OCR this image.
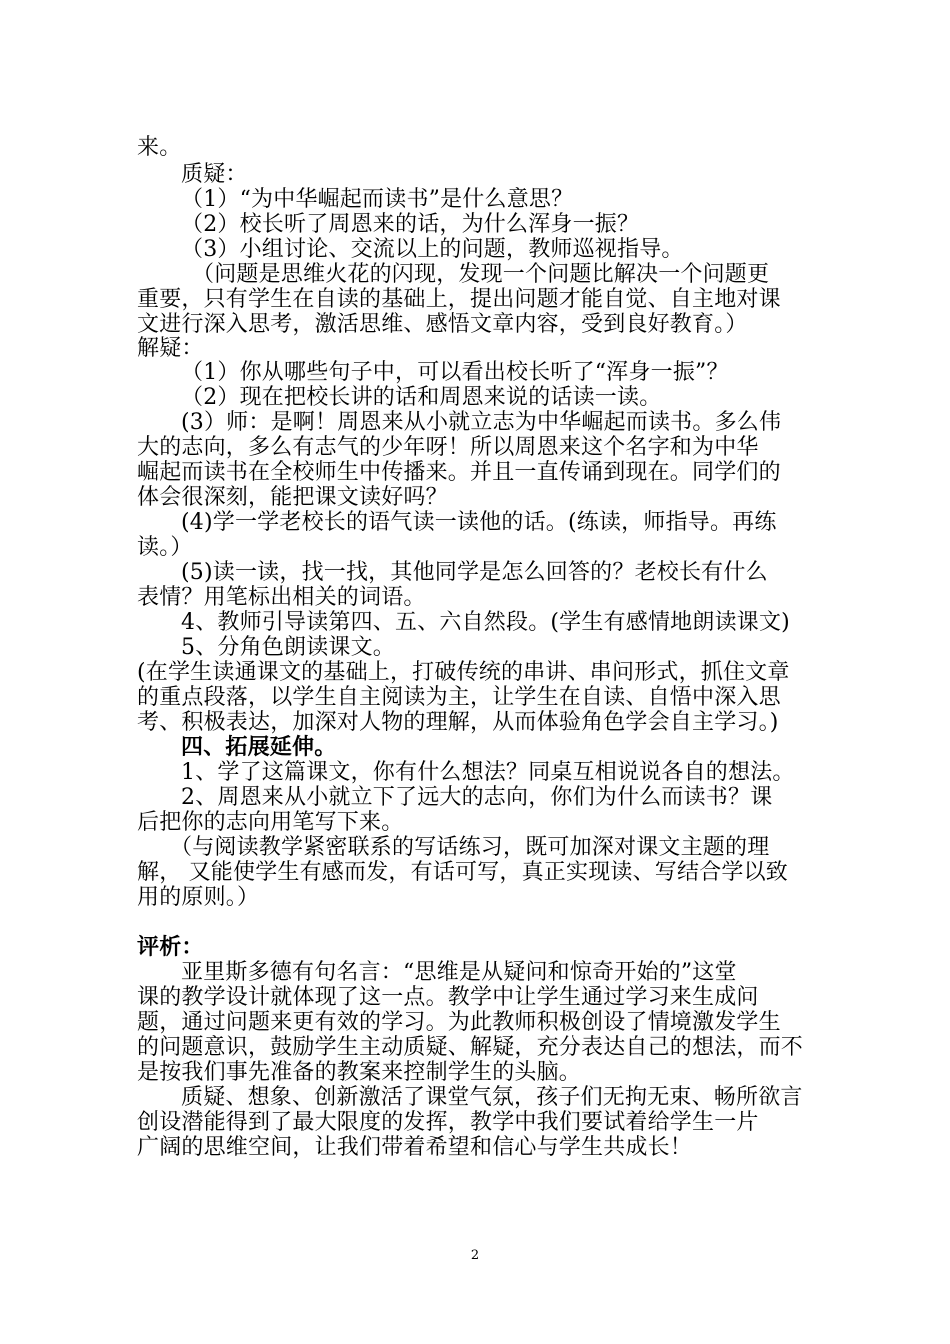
来。
质疑：
（1）“为中华崛起而读书”是什么意思？
（2）校长听了周恩来的话，为什么浑身一振？
（3）小组讨论、交流以上的问题，教师巡视指导。
（问题是思维火花的闪现，发现一个问题比解决一个问题更
重要，只有学生在自读的基础上，提出问题才能自觉、自主地对课
文进行深入思考，激活思维、感悟文章内容，受到良好教育。）
解疑：
（1）你从哪些句子中，可以看出校长听了“浑身一振”？
（2）现在把校长讲的话和周恩来说的话读一读。
(3）师：是啊！周恩来从小就立志为中华崛起而读书。多么伟
大的志向，多么有志气的少年呀！所以周恩来这个名字和为中华
崛起而读书在全校师生中传播来。并且一直传诵到现在。同学们的
体会很深刻，能把课文读好吗？
(4)学一学老校长的语气读一读他的话。(练读，师指导。再练
读。）
(5)读一读，找一找，其他同学是怎么回答的？老校长有什么
表情？用笔标出相关的词语。
4、教师引导读第四、五、六自然段。(学生有感情地朗读课文)
5、分角色朗读课文。
(在学生读通课文的基础上，打破传统的串讲、串问形式，抓住文章
的重点段落，以学生自主阅读为主，让学生在自读、自悟中深入思
考、积极表达，加深对人物的理解，从而体验角色学会自主学习。)
四、拓展延伸。
1、学了这篇课文，你有什么想法？同桌互相说说各自的想法。
2、周恩来从小就立下了远大的志向，你们为什么而读书？课
后把你的志向用笔写下来。
（与阅读教学紧密联系的写话练习，既可加深对课文主题的理
解， 又能使学生有感而发，有话可写，真正实现读、写结合学以致
用的原则。）
评析：
亚里斯多德有句名言：“思维是从疑问和惊奇开始的”这堂
课的教学设计就体现了这一点。教学中让学生通过学习来生成问
题，通过问题来更有效的学习。为此教师积极创设了情境激发学生
的问题意识，鼓励学生主动质疑、解疑，充分表达自己的想法，而不
是按我们事先准备的教案来控制学生的头脑。
质疑、想象、创新激活了课堂气氛，孩子们无拘无束、畅所欲言
创设潜能得到了最大限度的发挥，教学中我们要试着给学生一片
广阔的思维空间，让我们带着希望和信心与学生共成长！
2
